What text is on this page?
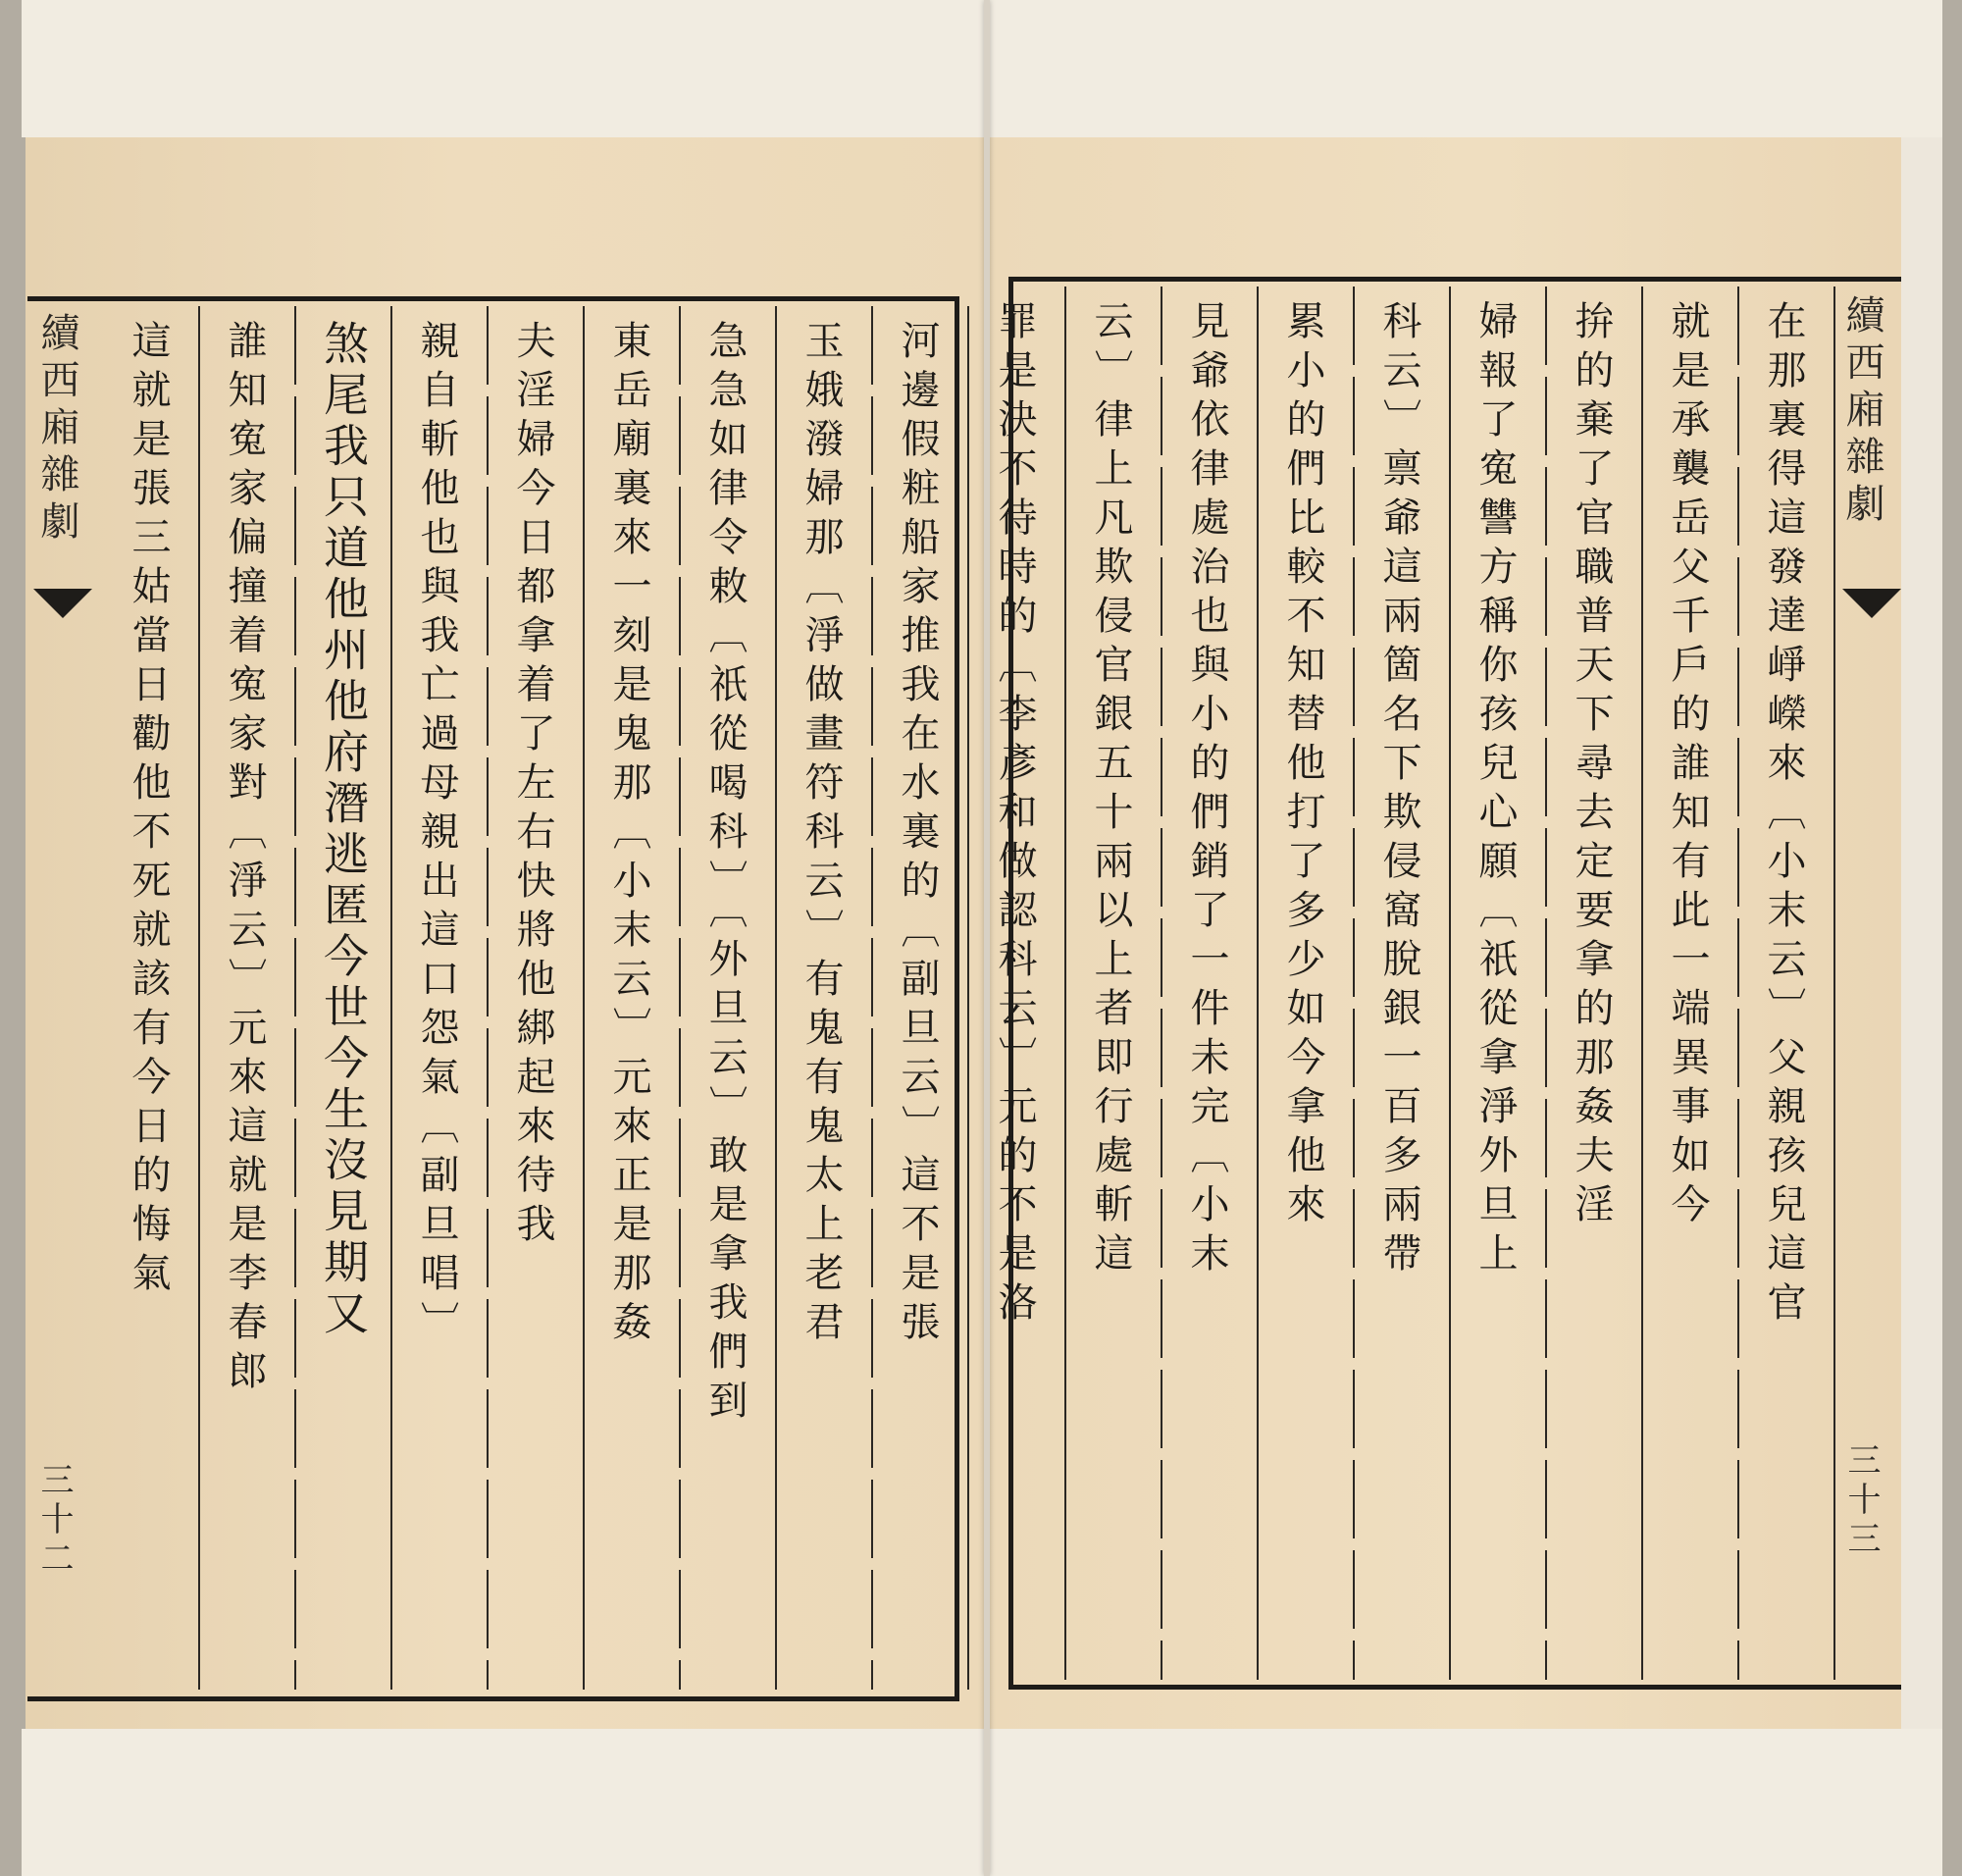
河邊假粧船家推我在水裏的〔副旦云〕這不是張
玉娥潑婦那〔淨做畫符科云〕有鬼有鬼太上老君
急急如律令敕〔祇從喝科〕〔外旦云〕敢是拿我們到
東岳廟裏來一刻是鬼那〔小末云〕元來正是那姦
夫淫婦今日都拿着了左右快將他綁起來待我
親自斬他也與我亡過母親出這口怨氣〔副旦唱〕
煞尾我只道他州他府潛逃匿今世今生沒見期又
誰知寃家偏撞着寃家對〔淨云〕元來這就是李春郎
這就是張三姑當日勸他不死就該有今日的悔氣
續西廂雜劇
三十二
在那裏得這發達崢嶸來〔小末云〕父親孩兒這官
就是承襲岳父千戶的誰知有此一端異事如今
拚的棄了官職普天下尋去定要拿的那姦夫淫
婦報了寃讐方稱你孩兒心願〔祇從拿淨外旦上
科云〕禀爺這兩箇名下欺侵窩脫銀一百多兩帶
累小的們比較不知替他打了多少如今拿他來
見爺依律處治也與小的們銷了一件未完〔小末
云〕律上凡欺侵官銀五十兩以上者即行處斬這
罪是決不待時的〔李彥和做認科云〕元的不是洛	續西廂雜劇
三十三
